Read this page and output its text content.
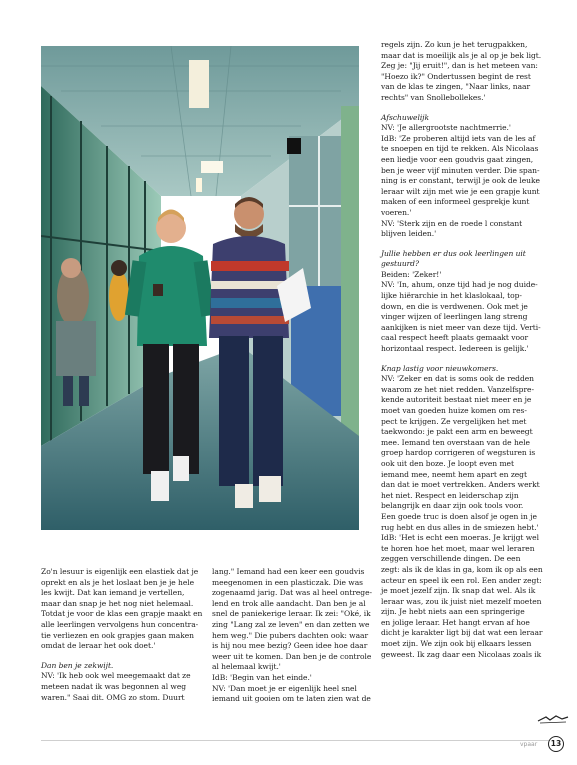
Zo'n lesuur is eigenlijk een elastiek dat je

oprekt en als je het loslaat ben je je hele

les kwijt. Dat kan iemand je vertellen,

maar dan snap je het nog niet helemaal.

Totdat je voor de klas een grapje maakt en

alle leerlingen vervolgens hun concentra-

tie verliezen en ook grapjes gaan maken

omdat de leraar het ook doet.'

Dan ben je zekwijt.

NV: 'Ik heb ook wel meegemaakt dat ze

meteen nadat ik was begonnen al weg

waren." Saai dit. OMG zo stom. Duurt

lang." Iemand had een keer een goudvis

meegenomen in een plasticzak. Die was

zogenaamd jarig. Dat was al heel ontrege-

lend en trok alle aandacht. Dan ben je al

snel de paniekerige leraar. Ik zei: "Oké, ik

zing "Lang zal ze leven" en dan zetten we

hem weg." Die pubers dachten ook: waar

is hij nou mee bezig? Geen idee hoe daar

weer uit te komen. Dan ben je de controle

al helemaal kwijt.'

IdB: 'Begin van het einde.'

NV: 'Dan moet je er eigenlijk heel snel

iemand uit gooien om te laten zien wat de

regels zijn. Zo kun je het terugpakken,

maar dat is moeilijk als je al op je bek ligt.

Zeg je: "Jij eruit!", dan is het meteen van:

"Hoezo ik?" Ondertussen begint de rest

van de klas te zingen, "Naar links, naar

rechts" van Snollebollekes.'

Afschuwelijk

NV: 'Je allergrootste nachtmerrie.'

IdB: 'Ze proberen altijd iets van de les af

te snoepen en tijd te rekken. Als Nicolaas

een liedje voor een goudvis gaat zingen,

ben je weer vijf minuten verder. Die span-

ning is er constant, terwijl je ook de leuke

leraar wilt zijn met wie je een grapje kunt

maken of een informeel gesprekje kunt

voeren.'

NV: 'Sterk zijn en de roede l constant

blijven leiden.'

Jullie hebben er dus ook leerlingen uit

gestuurd?

Beiden: 'Zeker!'

NV: 'In, ahum, onze tijd had je nog duide-

lijke hiërarchie in het klaslokaal, top-

down, en die is verdwenen. Ook met je

vinger wijzen of leerlingen lang streng

aankijken is niet meer van deze tijd. Verti-

caal respect heeft plaats gemaakt voor

horizontaal respect. Iedereen is gelijk.'

Knap lastig voor nieuwkomers.

NV: 'Zeker en dat is soms ook de redden

waarom ze het niet redden. Vanzelfspre-

kende autoriteit bestaat niet meer en je

moet van goeden huize komen om res-

pect te krijgen. Ze vergelijken het met

taekwondo: je pakt een arm en beweegt

mee. Iemand ten overstaan van de hele

groep hardop corrigeren of wegsturen is

ook uit den boze. Je loopt even met

iemand mee, neemt hem apart en zegt

dan dat ie moet vertrekken. Anders werkt

het niet. Respect en leiderschap zijn

belangrijk en daar zijn ook tools voor.

Een goede truc is doen alsof je ogen in je

rug hebt en dus alles in de smiezen hebt.'

IdB: 'Het is echt een moeras. Je krijgt wel

te horen hoe het moet, maar wel leraren

zeggen verschillende dingen. De een

zegt: als ik de klas in ga, kom ik op als een

acteur en speel ik een rol. Een ander zegt:

je moet jezelf zijn. Ik snap dat wel. Als ik

leraar was, zou ik juist niet mezelf moeten

zijn. Je hebt niets aan een springerige

en jolige leraar. Het hangt ervan af hoe

dicht je karakter ligt bij dat wat een leraar

moet zijn. We zijn ook bij elkaars lessen

geweest. Ik zag daar een Nicolaas zoals ik

vpaar	13
